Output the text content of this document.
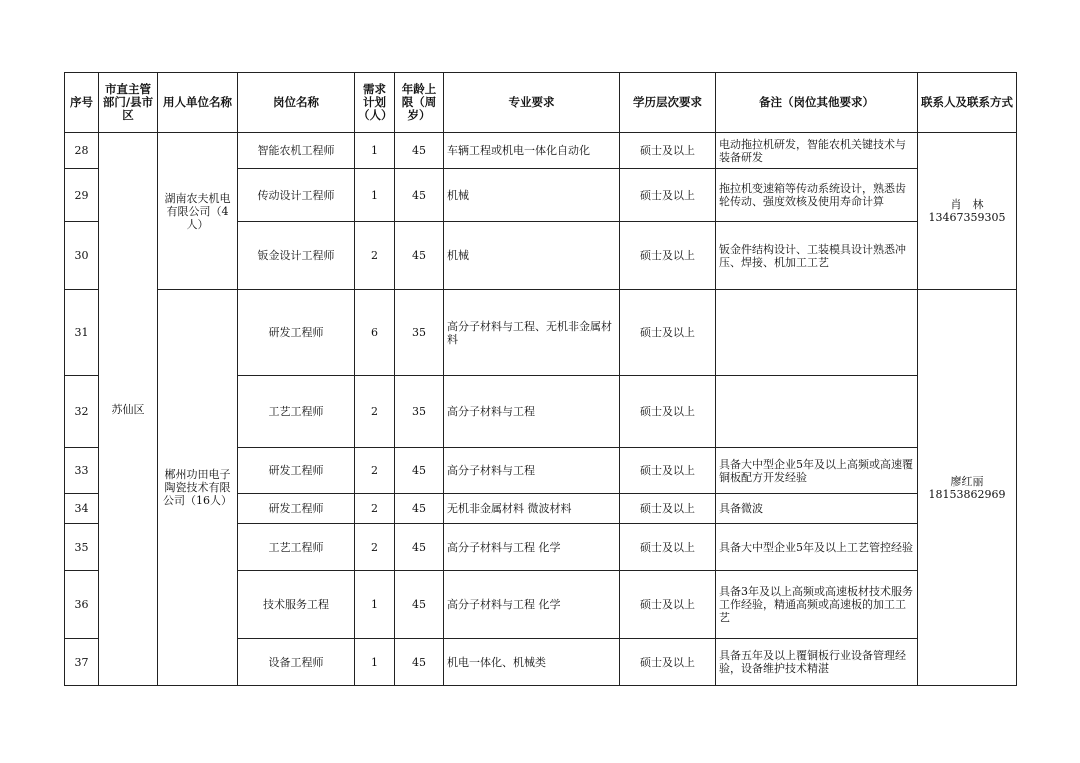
序号	市直主管部门/县市区	用人单位名称	岗位名称	需求计划（人）	年龄上限（周岁）	专业要求	学历层次要求	备注（岗位其他要求）	联系人及联系方式
28	苏仙区	湖南农夫机电有限公司（4人）	智能农机工程师	1	45	车辆工程或机电一体化自动化	硕士及以上	电动拖拉机研发，智能农机关键技术与装备研发	肖　林 13467359305
29			传动设计工程师	1	45	机械	硕士及以上	拖拉机变速箱等传动系统设计，熟悉齿轮传动、强度效核及使用寿命计算	
30			钣金设计工程师	2	45	机械	硕士及以上	钣金件结构设计、工装模具设计熟悉冲压、焊接、机加工工艺	
31		郴州功田电子陶瓷技术有限公司（16人）	研发工程师	6	35	高分子材料与工程、无机非金属材料	硕士及以上		廖红丽 18153862969
32			工艺工程师	2	35	高分子材料与工程	硕士及以上		
33			研发工程师	2	45	高分子材料与工程	硕士及以上	具备大中型企业5年及以上高频或高速覆铜板配方开发经验	
34			研发工程师	2	45	无机非金属材料 微波材料	硕士及以上	具备微波	
35			工艺工程师	2	45	高分子材料与工程 化学	硕士及以上	具备大中型企业5年及以上工艺管控经验	
36			技术服务工程	1	45	高分子材料与工程 化学	硕士及以上	具备3年及以上高频或高速板材技术服务工作经验，精通高频或高速板的加工工艺	
37			设备工程师	1	45	机电一体化、机械类	硕士及以上	具备五年及以上覆铜板行业设备管理经验，设备维护技术精湛	
